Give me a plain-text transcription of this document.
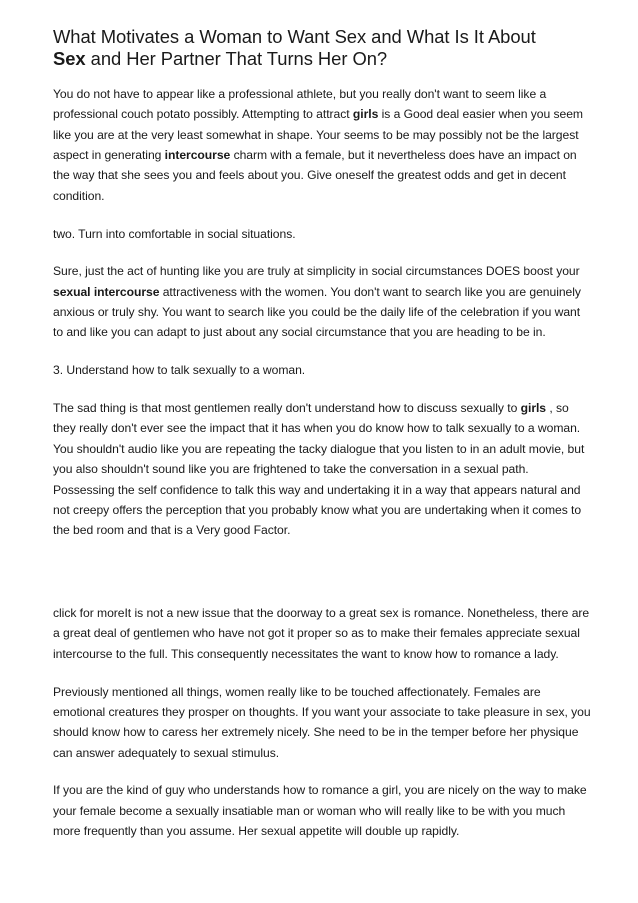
What Motivates a Woman to Want Sex and What Is It About
Sex and Her Partner That Turns Her On?

You do not have to appear like a professional athlete, but you really don't want to seem like a professional couch potato possibly. Attempting to attract girls is a Good deal easier when you seem like you are at the very least somewhat in shape. Your seems to be may possibly not be the largest aspect in generating intercourse charm with a female, but it nevertheless does have an impact on the way that she sees you and feels about you. Give oneself the greatest odds and get in decent condition.

two. Turn into comfortable in social situations.

Sure, just the act of hunting like you are truly at simplicity in social circumstances DOES boost your sexual intercourse attractiveness with the women. You don't want to search like you are genuinely anxious or truly shy. You want to search like you could be the daily life of the celebration if you want to and like you can adapt to just about any social circumstance that you are heading to be in.

3. Understand how to talk sexually to a woman.

The sad thing is that most gentlemen really don't understand how to discuss sexually to girls , so they really don't ever see the impact that it has when you do know how to talk sexually to a woman. You shouldn't audio like you are repeating the tacky dialogue that you listen to in an adult movie, but you also shouldn't sound like you are frightened to take the conversation in a sexual path. Possessing the self confidence to talk this way and undertaking it in a way that appears natural and not creepy offers the perception that you probably know what you are undertaking when it comes to the bed room and that is a Very good Factor.

click for moreIt is not a new issue that the doorway to a great sex is romance. Nonetheless, there are a great deal of gentlemen who have not got it proper so as to make their females appreciate sexual intercourse to the full. This consequently necessitates the want to know how to romance a lady.

Previously mentioned all things, women really like to be touched affectionately. Females are emotional creatures they prosper on thoughts. If you want your associate to take pleasure in sex, you should know how to caress her extremely nicely. She need to be in the temper before her physique can answer adequately to sexual stimulus.

If you are the kind of guy who understands how to romance a girl, you are nicely on the way to make your female become a sexually insatiable man or woman who will really like to be with you much more frequently than you assume. Her sexual appetite will double up rapidly.
